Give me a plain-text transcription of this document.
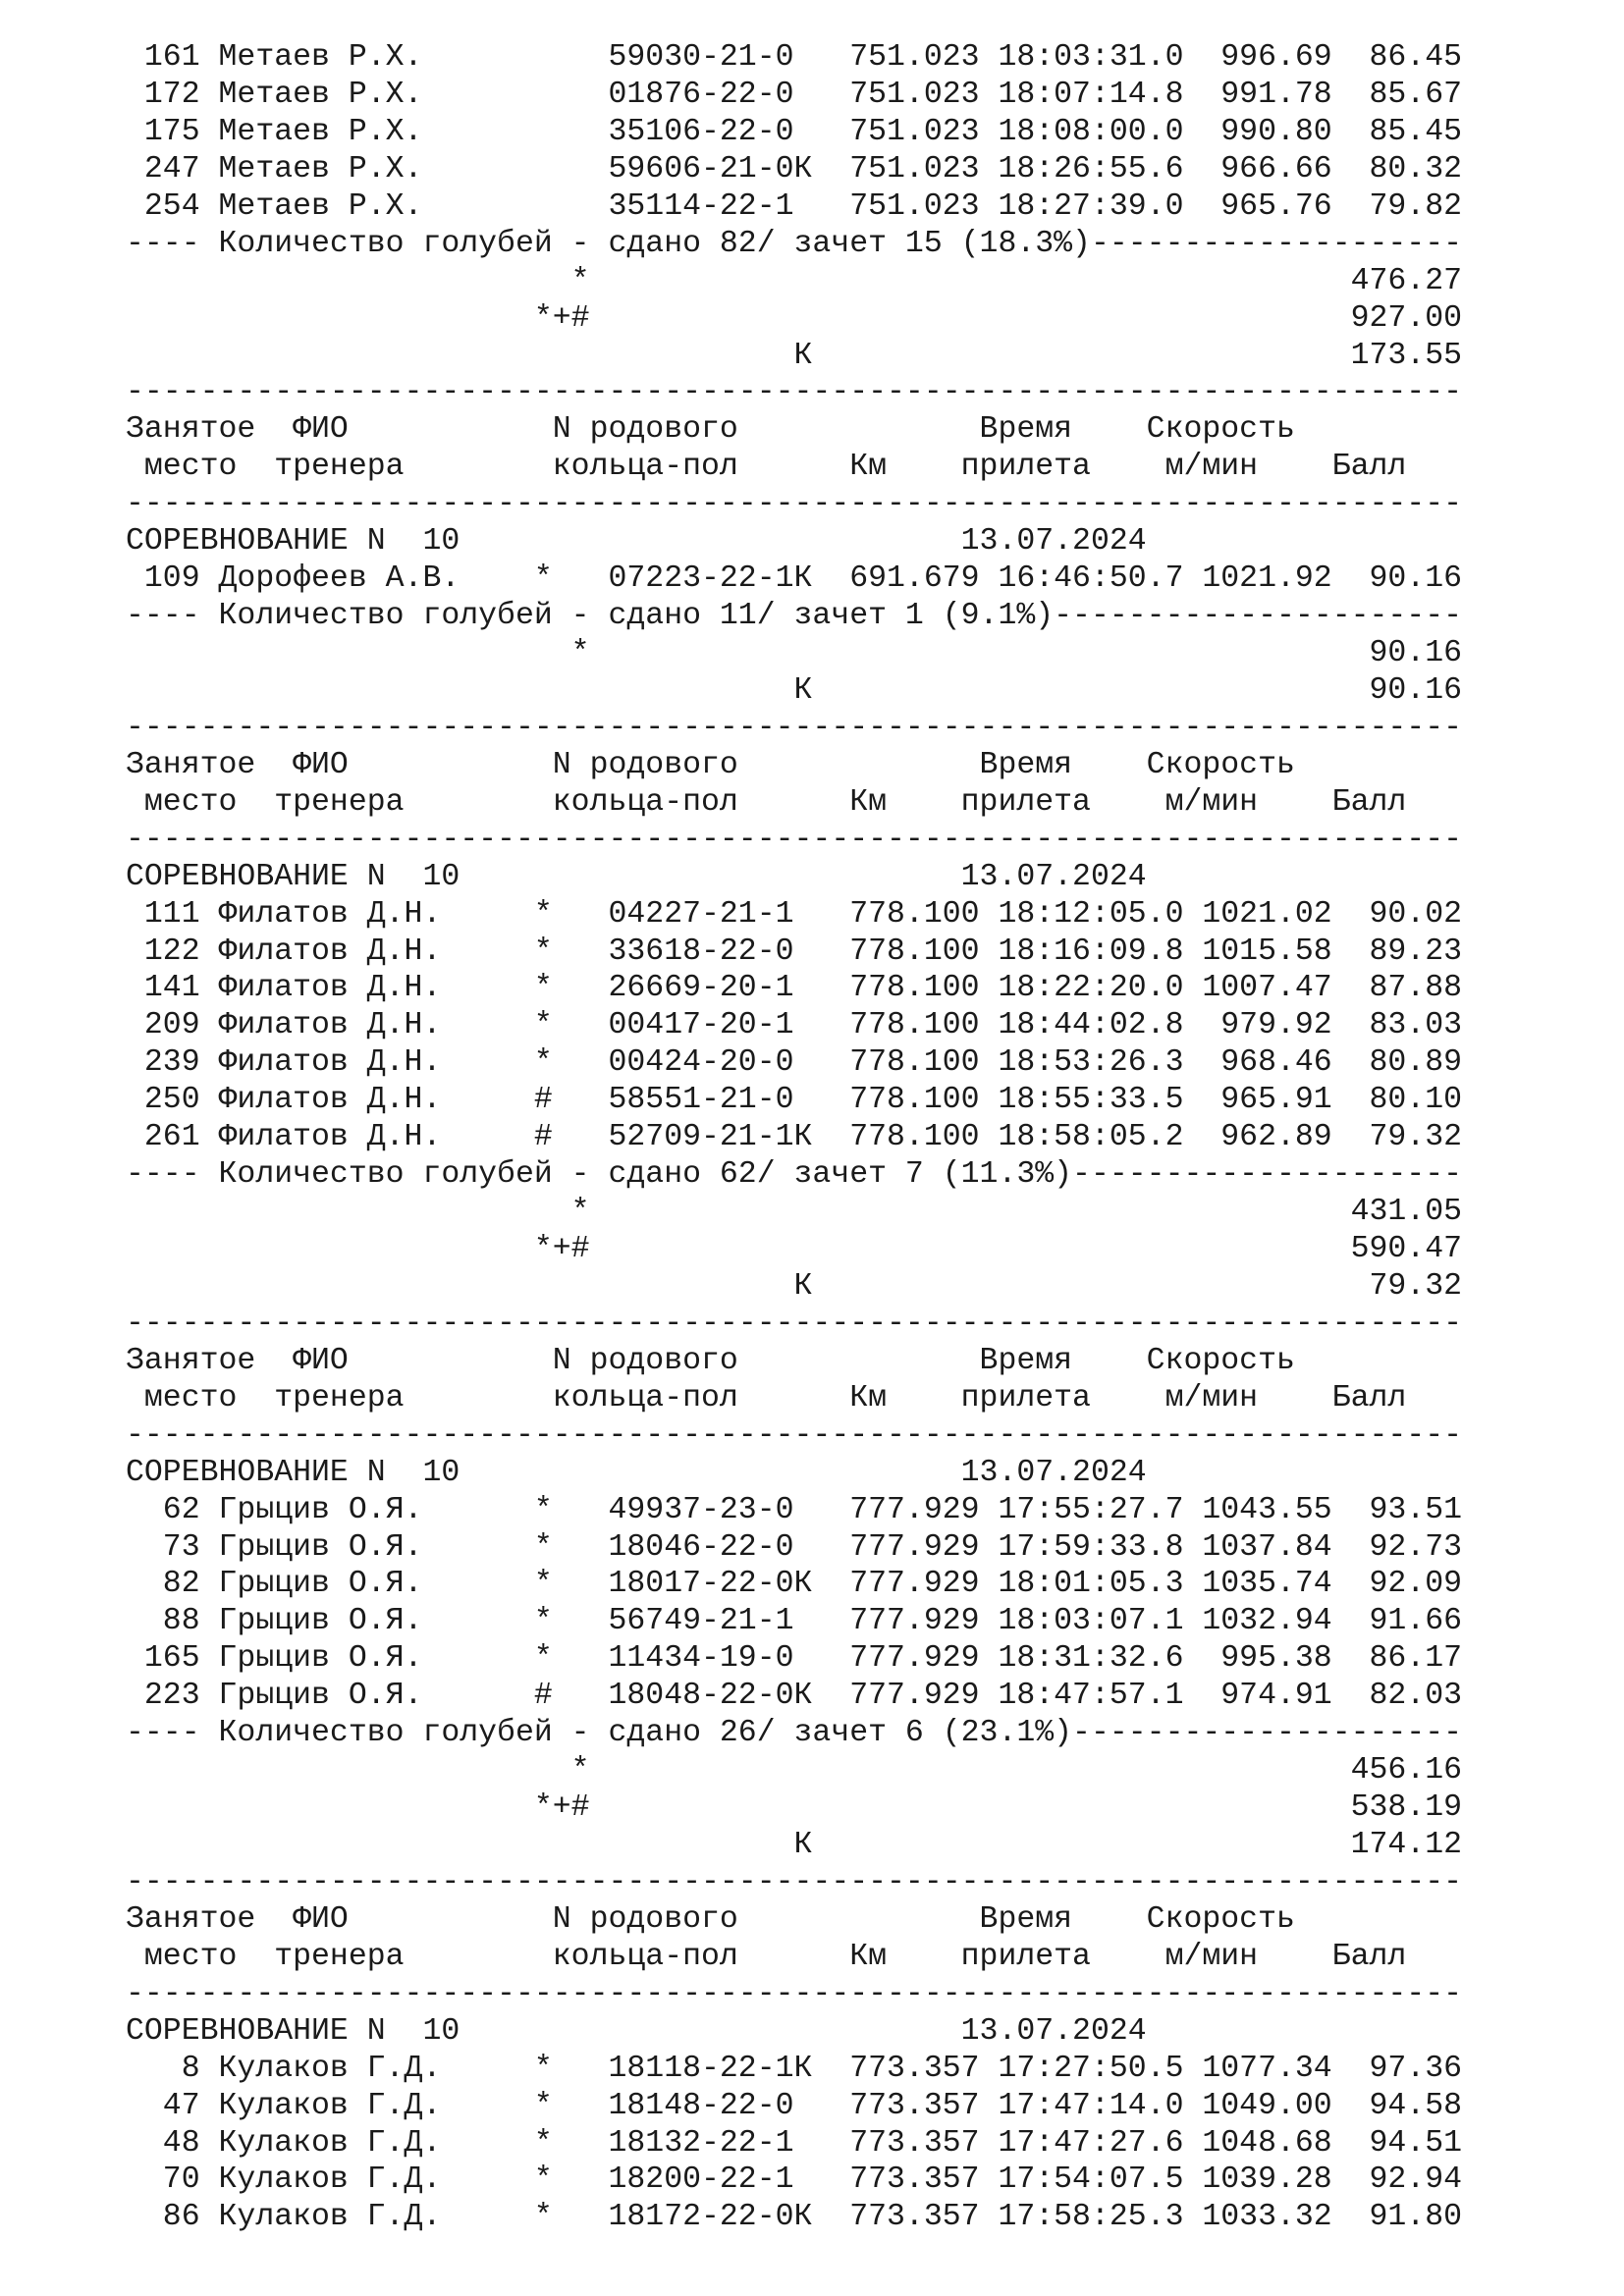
161 Метаев Р.Х.          59030-21-0   751.023 18:03:31.0  996.69  86.45
172 Метаев Р.Х.          01876-22-0   751.023 18:07:14.8  991.78  85.67
175 Метаев Р.Х.          35106-22-0   751.023 18:08:00.0  990.80  85.45
247 Метаев Р.Х.          59606-21-0К  751.023 18:26:55.6  966.66  80.32
254 Метаев Р.Х.          35114-22-1   751.023 18:27:39.0  965.76  79.82
---- Количество голубей - сдано 82/ зачет 15 (18.3%)--------------------
*                                         476.27
*+#                                         927.00
К                             173.55
------------------------------------------------------------------------
Занятое  ФИО           N родового             Время    Скорость
место  тренера        кольца-пол      Км    прилета    м/мин    Балл
------------------------------------------------------------------------
СОРЕВНОВАНИЕ N  10                           13.07.2024
109 Дорофеев А.В.    *   07223-22-1К  691.679 16:46:50.7 1021.92  90.16
---- Количество голубей - сдано 11/ зачет 1 (9.1%)----------------------
*                                          90.16
К                              90.16
------------------------------------------------------------------------
Занятое  ФИО           N родового             Время    Скорость
место  тренера        кольца-пол      Км    прилета    м/мин    Балл
------------------------------------------------------------------------
СОРЕВНОВАНИЕ N  10                           13.07.2024
111 Филатов Д.Н.     *   04227-21-1   778.100 18:12:05.0 1021.02  90.02
122 Филатов Д.Н.     *   33618-22-0   778.100 18:16:09.8 1015.58  89.23
141 Филатов Д.Н.     *   26669-20-1   778.100 18:22:20.0 1007.47  87.88
209 Филатов Д.Н.     *   00417-20-1   778.100 18:44:02.8  979.92  83.03
239 Филатов Д.Н.     *   00424-20-0   778.100 18:53:26.3  968.46  80.89
250 Филатов Д.Н.     #   58551-21-0   778.100 18:55:33.5  965.91  80.10
261 Филатов Д.Н.     #   52709-21-1К  778.100 18:58:05.2  962.89  79.32
---- Количество голубей - сдано 62/ зачет 7 (11.3%)---------------------
*                                         431.05
*+#                                         590.47
К                              79.32
------------------------------------------------------------------------
Занятое  ФИО           N родового             Время    Скорость
место  тренера        кольца-пол      Км    прилета    м/мин    Балл
------------------------------------------------------------------------
СОРЕВНОВАНИЕ N  10                           13.07.2024
62 Грыцив О.Я.      *   49937-23-0   777.929 17:55:27.7 1043.55  93.51
73 Грыцив О.Я.      *   18046-22-0   777.929 17:59:33.8 1037.84  92.73
82 Грыцив О.Я.      *   18017-22-0К  777.929 18:01:05.3 1035.74  92.09
88 Грыцив О.Я.      *   56749-21-1   777.929 18:03:07.1 1032.94  91.66
165 Грыцив О.Я.      *   11434-19-0   777.929 18:31:32.6  995.38  86.17
223 Грыцив О.Я.      #   18048-22-0К  777.929 18:47:57.1  974.91  82.03
---- Количество голубей - сдано 26/ зачет 6 (23.1%)---------------------
*                                         456.16
*+#                                         538.19
К                             174.12
------------------------------------------------------------------------
Занятое  ФИО           N родового             Время    Скорость
место  тренера        кольца-пол      Км    прилета    м/мин    Балл
------------------------------------------------------------------------
СОРЕВНОВАНИЕ N  10                           13.07.2024
8 Кулаков Г.Д.     *   18118-22-1К  773.357 17:27:50.5 1077.34  97.36
47 Кулаков Г.Д.     *   18148-22-0   773.357 17:47:14.0 1049.00  94.58
48 Кулаков Г.Д.     *   18132-22-1   773.357 17:47:27.6 1048.68  94.51
70 Кулаков Г.Д.     *   18200-22-1   773.357 17:54:07.5 1039.28  92.94
86 Кулаков Г.Д.     *   18172-22-0К  773.357 17:58:25.3 1033.32  91.80
